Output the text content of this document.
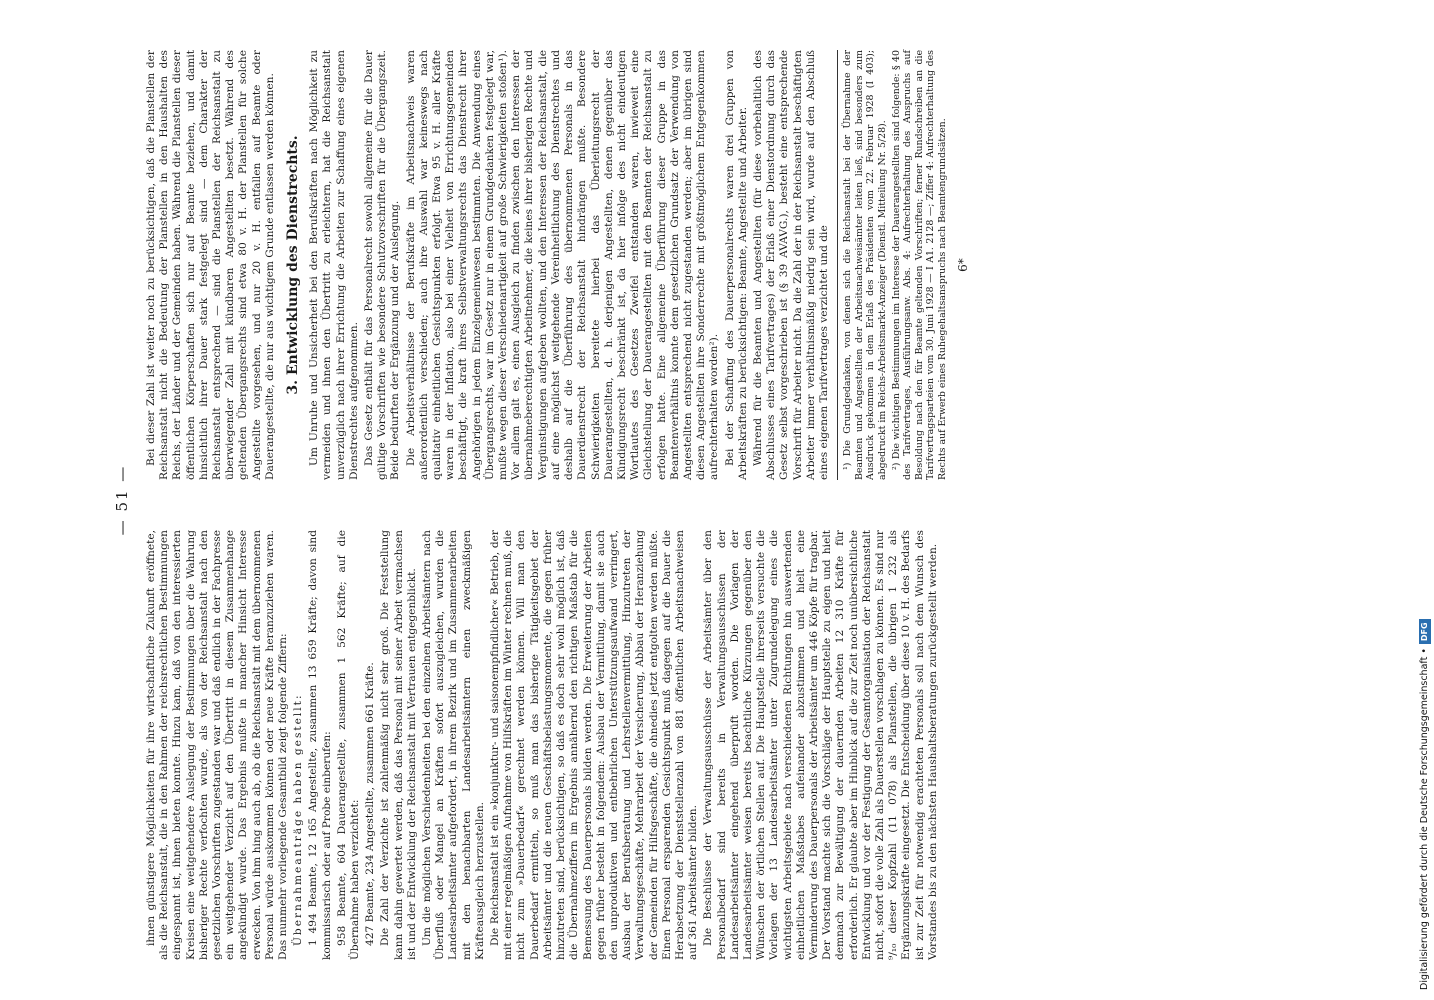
— 51 —

ihnen günstigere Möglichkeiten für ihre wirtschaftliche Zukunft eröffnete, als die Reichsanstalt, die in den Rahmen der reichsrechtlichen Bestimmungen eingespannt ist, ihnen bieten konnte. Hinzu kam, daß von den interessierten Kreisen eine weitgehendere Auslegung der Bestimmungen über die Wahrung bisheriger Rechte verfochten wurde, als von der Reichsanstalt nach den gesetzlichen Vorschriften zugestanden war und daß endlich in der Fachpresse ein weitgehender Verzicht auf den Übertritt in diesem Zusammenhange angekündigt wurde. Das Ergebnis mußte in mancher Hinsicht Interesse erwecken. Von ihm hing auch ab, ob die Reichsanstalt mit dem übernommenen Personal würde auskommen können oder neue Kräfte heranzuziehen waren. Das nunmehr vorliegende Gesamtbild zeigt folgende Ziffern: Übernahmeanträge haben gestellt: 1 494 Beamte, 12 165 Angestellte, zusammen 13 659 Kräfte; davon sind kommissarisch oder auf Probe einberufen: 958 Beamte, 604 Dauerangestellte, zusammen 1 562 Kräfte; auf die Übernahme haben verzichtet: 427 Beamte, 234 Angestellte, zusammen 661 Kräfte. Die Zahl der Verzichte ist zahlenmäßig nicht sehr groß. Die Feststellung kann dahin gewertet werden, daß das Personal mit seiner Arbeit vermachsen ist und der Entwicklung der Reichsanstalt mit Vertrauen entgegenblickt. Um die möglichen Verschiedenheiten bei den einzelnen Arbeitsämtern nach Überfluß oder Mangel an Kräften sofort auszugleichen, wurden die Landesarbeitsämter aufgefordert, in ihrem Bezirk und im Zusammenarbeiten mit den benachbarten Landesarbeitsämtern einen zweckmäßigen Kräfteausgleich herzustellen. Die Reichsanstalt ist ein »konjunktur- und saisonempfindlicher« Betrieb, der mit einer regelmäßigen Aufnahme von Hilfskräften im Winter rechnen muß, die nicht zum »Dauerbedarf« gerechnet werden können. Will man den Dauerbedarf ermitteln, so muß man das bisherige Tätigkeitsgebiet der Arbeitsämter und die neuen Geschäftsbelastungsmomente, die gegen früher hinzutreten sind, berücksichtigen, so daß es doch sehr wohl möglich ist, daß die Übernahmeziffern im Ergebnis annähernd den richtigen Maßstab für die Bemessung des Dauerpersonals bilden werden. Die Erweiterung der Arbeiten gegen früher besteht in folgendem: Ausbau der Vermittlung, damit sie auch den unproduktiven und entbehrlichen Unterstützungsaufwand verringert, Ausbau der Berufsberatung und Lehrstellenvermittlung, Hinzutreten der Verwaltungsgeschäfte, Mehrarbeit der Versicherung, Abbau der Heranziehung der Gemeinden für Hilfsgeschäfte, die ohnedies jetzt entgolten werden müßte. Einen Personal ersparenden Gesichtspunkt muß dagegen auf die Dauer die Herabsetzung der Dienststellenzahl von 881 öffentlichen Arbeitsnachweisen auf 361 Arbeitsämter bilden. Die Beschlüsse der Verwaltungsausschüsse der Arbeitsämter über den Personalbedarf sind bereits in Verwaltungsausschüssen der Landesarbeitsämter eingehend überprüft worden. Die Vorlagen der Landesarbeitsämter weisen bereits beachtliche Kürzungen gegenüber den Wünschen der örtlichen Stellen auf. Die Hauptstelle ihrerseits versuchte die Vorlagen der 13 Landesarbeitsämter unter Zugrundelegung eines die wichtigsten Arbeitsgebiete nach verschiedenen Richtungen hin auswertenden einheitlichen Maßstabes aufeinander abzustimmen und hielt eine Verminderung des Dauerpersonals der Arbeitsämter um 446 Köpfe für tragbar. Der Vorstand machte sich die Vorschläge der Hauptstelle zu eigen und hielt demnach zur Bewältigung der dauernden Arbeiten 12 310 Kräfte für erforderlich. Er glaubte aber im Hinblick auf die zur Zeit noch unübersichtliche Entwicklung und vor der Festigung der Gesamtorganisation der Reichsanstalt nicht, sofort die volle Zahl als Dauerstellen vorschlagen zu können. Es sind nur ⁹/₁₀ dieser Kopfzahl (11 078) als Planstellen, die übrigen 1 232 als Ergänzungskräfte eingesetzt. Die Entscheidung über diese 10 v. H. des Bedarfs ist zur Zeit für notwendig erachteten Personals soll nach dem Wunsch des Vorstandes bis zu den nächsten Haushaltsberatungen zurückgestellt werden.

Bei dieser Zahl ist weiter noch zu berücksichtigen, daß die Planstellen der Reichsanstalt nicht die Bedeutung der Planstellen in den Haushalten des Reichs, der Länder und der Gemeinden haben. Während die Planstellen dieser öffentlichen Körperschaften sich nur auf Beamte beziehen, und damit hinsichtlich ihrer Dauer stark festgelegt sind — dem Charakter der Reichsanstalt entsprechend — sind die Planstellen der Reichsanstalt zu überwiegender Zahl mit kündbaren Angestellten besetzt. Während des geltenden Übergangsrechts sind etwa 80 v. H. der Planstellen für solche Angestellte vorgesehen, und nur 20 v. H. entfallen auf Beamte oder Dauerangestellte, die nur aus wichtigem Grunde entlassen werden können. 3. Entwicklung des Dienstrechts. Um Unruhe und Unsicherheit bei den Berufskräften nach Möglichkeit zu vermeiden und ihnen den Übertritt zu erleichtern, hat die Reichsanstalt unverzüglich nach ihrer Errichtung die Arbeiten zur Schaffung eines eigenen Dienstrechtes aufgenommen. Das Gesetz enthält für das Personalrecht sowohl allgemeine für die Dauer gültige Vorschriften wie besondere Schutzvorschriften für die Übergangszeit. Beide bedurften der Ergänzung und der Auslegung. Die Arbeitsverhältnisse der Berufskräfte im Arbeitsnachweis waren außerordentlich verschieden; auch ihre Auswahl war keineswegs nach qualitativ einheitlichen Gesichtspunkten erfolgt. Etwa 95 v. H. aller Kräfte waren in der Inflation, also bei einer Vielheit von Errichtungsgemeinden beschäftigt, die kraft ihres Selbstverwaltungsrechts das Dienstrecht ihrer Angehörigen in jedem Einzelgemeinwesen bestimmten. Die Anwendung eines Übergangsrechts, war im Gesetz nur in einem Grundgedanken festgelegt war, mußte wegen dieser Verschiedenartigkeit auf große Schwierigkeiten stoßen¹). Vor allem galt es, einen Ausgleich zu finden zwischen den Interessen der übernahmeberechtigten Arbeitnehmer, die keines ihrer bisherigen Rechte und Vergünstigungen aufgeben wollten, und den Interessen der Reichsanstalt, die auf eine möglichst weitgehende Vereinheitlichung des Dienstrechtes und deshalb auf die Überführung des übernommenen Personals in das Dauerdienstrecht der Reichsanstalt hindrängen mußte. Besondere Schwierigkeiten bereitete hierbei das Überleitungsrecht der Dauerangestellten, d. h. derjenigen Angestellten, denen gegenüber das Kündigungsrecht beschränkt ist, da hier infolge des nicht eindeutigen Wortlautes des Gesetzes Zweifel entstanden waren, inwieweit eine Gleichstellung der Dauerangestellten mit den Beamten der Reichsanstalt zu erfolgen hatte. Eine allgemeine Überführung dieser Gruppe in das Beamtenverhältnis konnte dem gesetzlichen Grundsatz der Verwendung von Angestellten entsprechend nicht zugestanden werden; aber im übrigen sind diesen Angestellten ihre Sonderrechte mit größtmöglichem Entgegenkommen aufrechterhalten worden²). Bei der Schaffung des Dauerpersonalrechts waren drei Gruppen von Arbeitskräften zu berücksichtigen: Beamte, Angestellte und Arbeiter. Während für die Beamten und Angestellten (für diese vorbehaltlich des Abschlusses eines Tarifvertrages) der Erlaß einer Dienstordnung durch das Gesetz selbst vorgeschrieben ist (§ 39 AVAVG.), besteht eine entsprechende Vorschrift für Arbeiter nicht. Da die Zahl der in der Reichsanstalt beschäftigten Arbeiter immer verhältnismäßig niedrig sein wird, wurde auf den Abschluß eines eigenen Tarifvertrages verzichtet und die ¹) Die Grundgedanken, von denen sich die Reichsanstalt bei der Übernahme der Beamten und Angestellten der Arbeitsnachweisämter leiten ließ, sind besonders zum Ausdruck gekommen in dem Erlaß des Präsidenten vom 22. Februar 1928 (I 403); abgedruckt im Reichs-Arbeitsmarkt-Anzeiger (Dienstl. Mitteilung Nr. 5/28). ²) Die wichtigen Bestimmungen im Interesse der Dauerangestellten sind folgende: § 40 des Tarifvertrages, Ausführungsanw. Abs. 4: Aufrechterhaltung des Anspruchs auf Besoldung nach den für Beamte geltenden Vorschriften; ferner Rundschreiben an die Tarifvertragsparteien vom 30. Juni 1928 — I A1. 2128 —; Ziffer 4: Aufrechterhaltung des Rechts auf Erwerb eines Ruhegehaltsanspruchs nach Beamtengrundsätzen. 6*
Digitalisierung gefördert durch die Deutsche Forschungsgemeinschaft •
DFG
